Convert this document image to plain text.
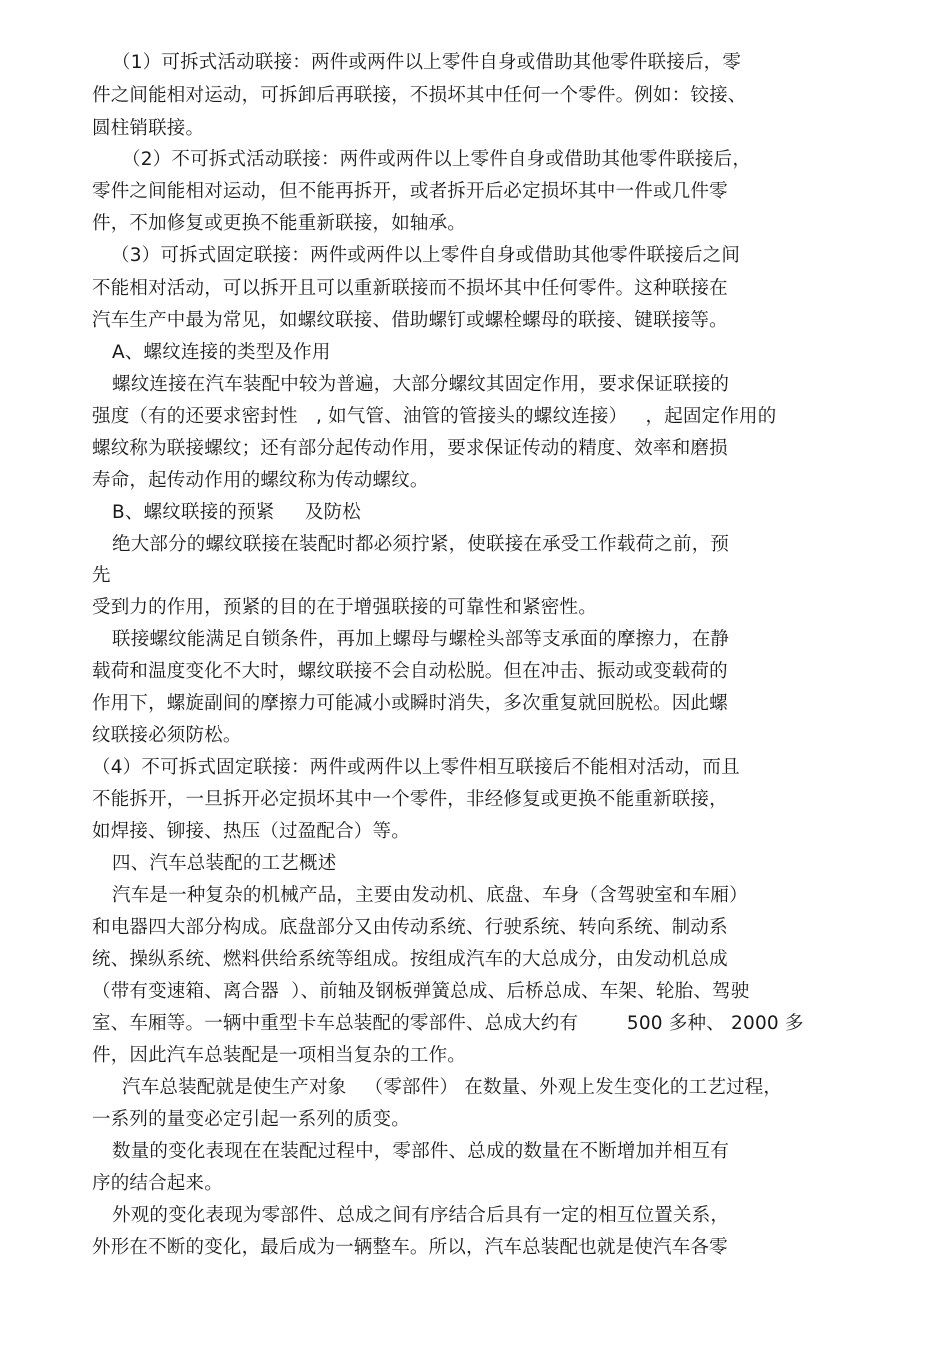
（1）可拆式活动联接：两件或两件以上零件自身或借助其他零件联接后，零
件之间能相对运动，可拆卸后再联接，不损坏其中任何一个零件。例如：铰接、
圆柱销联接。
（2）不可拆式活动联接：两件或两件以上零件自身或借助其他零件联接后，
零件之间能相对运动，但不能再拆开，或者拆开后必定损坏其中一件或几件零
件，不加修复或更换不能重新联接，如轴承。
（3）可拆式固定联接：两件或两件以上零件自身或借助其他零件联接后之间
不能相对活动，可以拆开且可以重新联接而不损坏其中任何零件。这种联接在
汽车生产中最为常见，如螺纹联接、借助螺钉或螺栓螺母的联接、键联接等。
A、螺纹连接的类型及作用
螺纹连接在汽车装配中较为普遍，大部分螺纹其固定作用，要求保证联接的
强度（有的还要求密封性   , 如气管、油管的管接头的螺纹连接）   ，起固定作用的
螺纹称为联接螺纹；还有部分起传动作用，要求保证传动的精度、效率和磨损
寿命，起传动作用的螺纹称为传动螺纹。
B、螺纹联接的预紧     及防松
绝大部分的螺纹联接在装配时都必须拧紧，使联接在承受工作载荷之前，预
先
受到力的作用，预紧的目的在于增强联接的可靠性和紧密性。
联接螺纹能满足自锁条件，再加上螺母与螺栓头部等支承面的摩擦力，在静
载荷和温度变化不大时，螺纹联接不会自动松脱。但在冲击、振动或变载荷的
作用下，螺旋副间的摩擦力可能减小或瞬时消失，多次重复就回脱松。因此螺
纹联接必须防松。
（4）不可拆式固定联接：两件或两件以上零件相互联接后不能相对活动，而且
不能拆开，一旦拆开必定损坏其中一个零件，非经修复或更换不能重新联接，
如焊接、铆接、热压（过盈配合）等。
四、汽车总装配的工艺概述
汽车是一种复杂的机械产品，主要由发动机、底盘、车身（含驾驶室和车厢）
和电器四大部分构成。底盘部分又由传动系统、行驶系统、转向系统、制动系
统、操纵系统、燃料供给系统等组成。按组成汽车的大总成分，由发动机总成
（带有变速箱、离合器  ）、前轴及钢板弹簧总成、后桥总成、车架、轮胎、驾驶
室、车厢等。一辆中重型卡车总装配的零部件、总成大约有        500 多种、 2000 多
件，因此汽车总装配是一项相当复杂的工作。
汽车总装配就是使生产对象   （零部件） 在数量、外观上发生变化的工艺过程，
一系列的量变必定引起一系列的质变。
数量的变化表现在在装配过程中，零部件、总成的数量在不断增加并相互有
序的结合起来。
外观的变化表现为零部件、总成之间有序结合后具有一定的相互位置关系，
外形在不断的变化，最后成为一辆整车。所以，汽车总装配也就是使汽车各零
